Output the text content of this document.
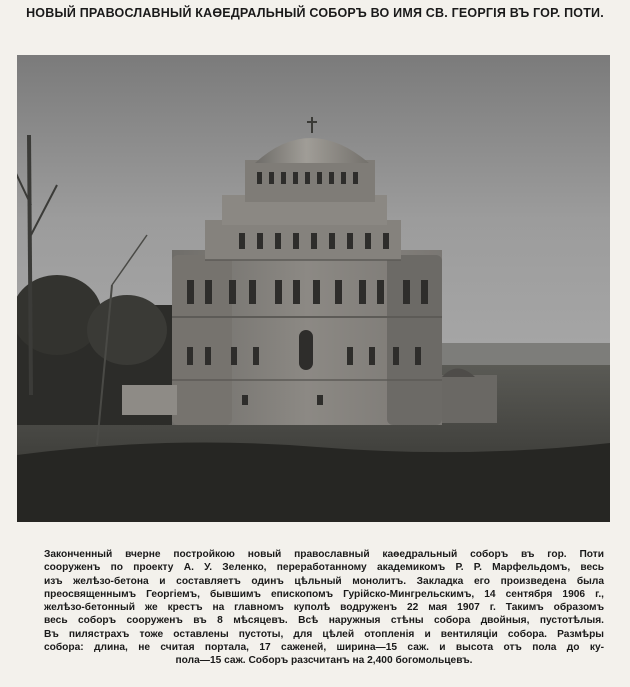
НОВЫЙ ПРАВОСЛАВНЫЙ КАӨЕДРАЛЬНЫЙ СОБОРЪ ВО ИМЯ СВ. ГЕОРГІЯ ВЪ ГОР. ПОТИ.
Законченный вчерне постройкою новый православный каөедральный соборъ въ гор. Поти
сооруженъ по проекту А. У. Зеленко, переработанному академикомъ Р. Р. Марфельдомъ, весь
изъ желѣзо-бетона и составляетъ одинъ цѣльный монолитъ. Закладка его произведена была
преосвященнымъ Георгіемъ, бывшимъ епископомъ Гурійско-Мингрельскимъ, 14 сентября 1906 г.,
желѣзо-бетонный же крестъ на главномъ куполѣ водруженъ 22 мая 1907 г. Такимъ образомъ
весь соборъ сооруженъ въ 8 мѣсяцевъ. Всѣ наружныя стѣны собора двойныя, пустотѣлыя.
Въ пилястрахъ тоже оставлены пустоты, для цѣлей отопленія и вентиляціи собора. Размѣры
собора: длина, не считая портала, 17 саженей, ширина—15 саж. и высота отъ пола до ку-
пола—15 саж. Соборъ разсчитанъ на 2,400 богомольцевъ.
